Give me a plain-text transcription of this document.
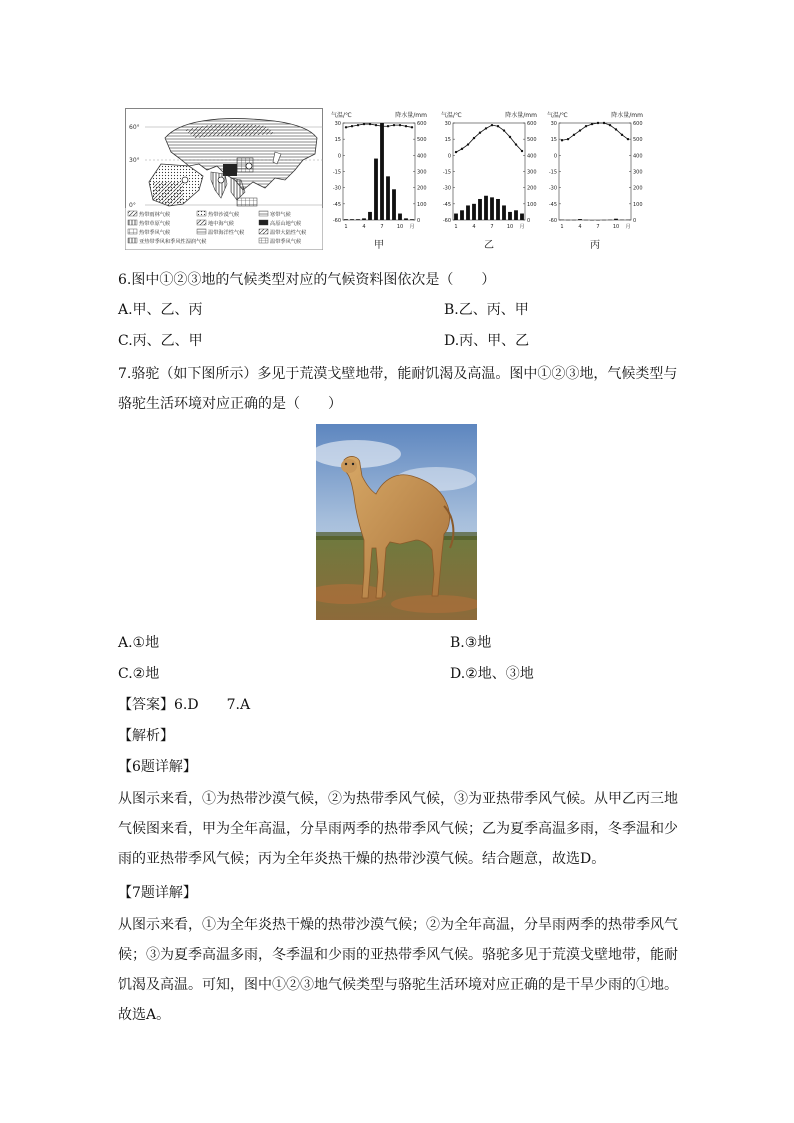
热带雨林气候	热带沙漠气候	寒带气候
热带草原气候	地中海气候	高原山地气候
热带季风气候	温带海洋性气候	温带大陆性气候
亚热带季风和季风性湿润气候	温带季风气候
60°
30°
0°
气温/℃	降水量/mm
30
15
0
-15
-30
-45
-60
600
500
400
300
200
100
0
1	4	7	10 月
甲
气温/℃	降水量/mm
30
15
0
-15
-30
-45
-60
600
500
400
300
200
100
0
1	4	7	10 月
乙
气温/℃	降水量/mm
30
15
0
-15
-30
-45
-60
600
500
400
300
200
100
0
1	4	7	10 月
丙
6.图中①②③地的气候类型对应的气候资料图依次是（　　）
A.甲、乙、丙	B.乙、丙、甲
C.丙、乙、甲	D.丙、甲、乙
7.骆驼（如下图所示）多见于荒漠戈壁地带，能耐饥渴及高温。图中①②③地，气候类型与
骆驼生活环境对应正确的是（　　）
A.①地	B.③地
C.②地	D.②地、③地
【答案】6.D　　7.A
【解析】
【6题详解】

从图示来看，①为热带沙漠气候，②为热带季风气候，③为亚热带季风气候。从甲乙丙三地气候图来看，甲为全年高温，分旱雨两季的热带季风气候；乙为夏季高温多雨，冬季温和少雨的亚热带季风气候；丙为全年炎热干燥的热带沙漠气候。结合题意，故选D。

【7题详解】

从图示来看，①为全年炎热干燥的热带沙漠气候；②为全年高温，分旱雨两季的热带季风气候；③为夏季高温多雨，冬季温和少雨的亚热带季风气候。骆驼多见于荒漠戈壁地带，能耐饥渴及高温。可知，图中①②③地气候类型与骆驼生活环境对应正确的是干旱少雨的①地。故选A。
